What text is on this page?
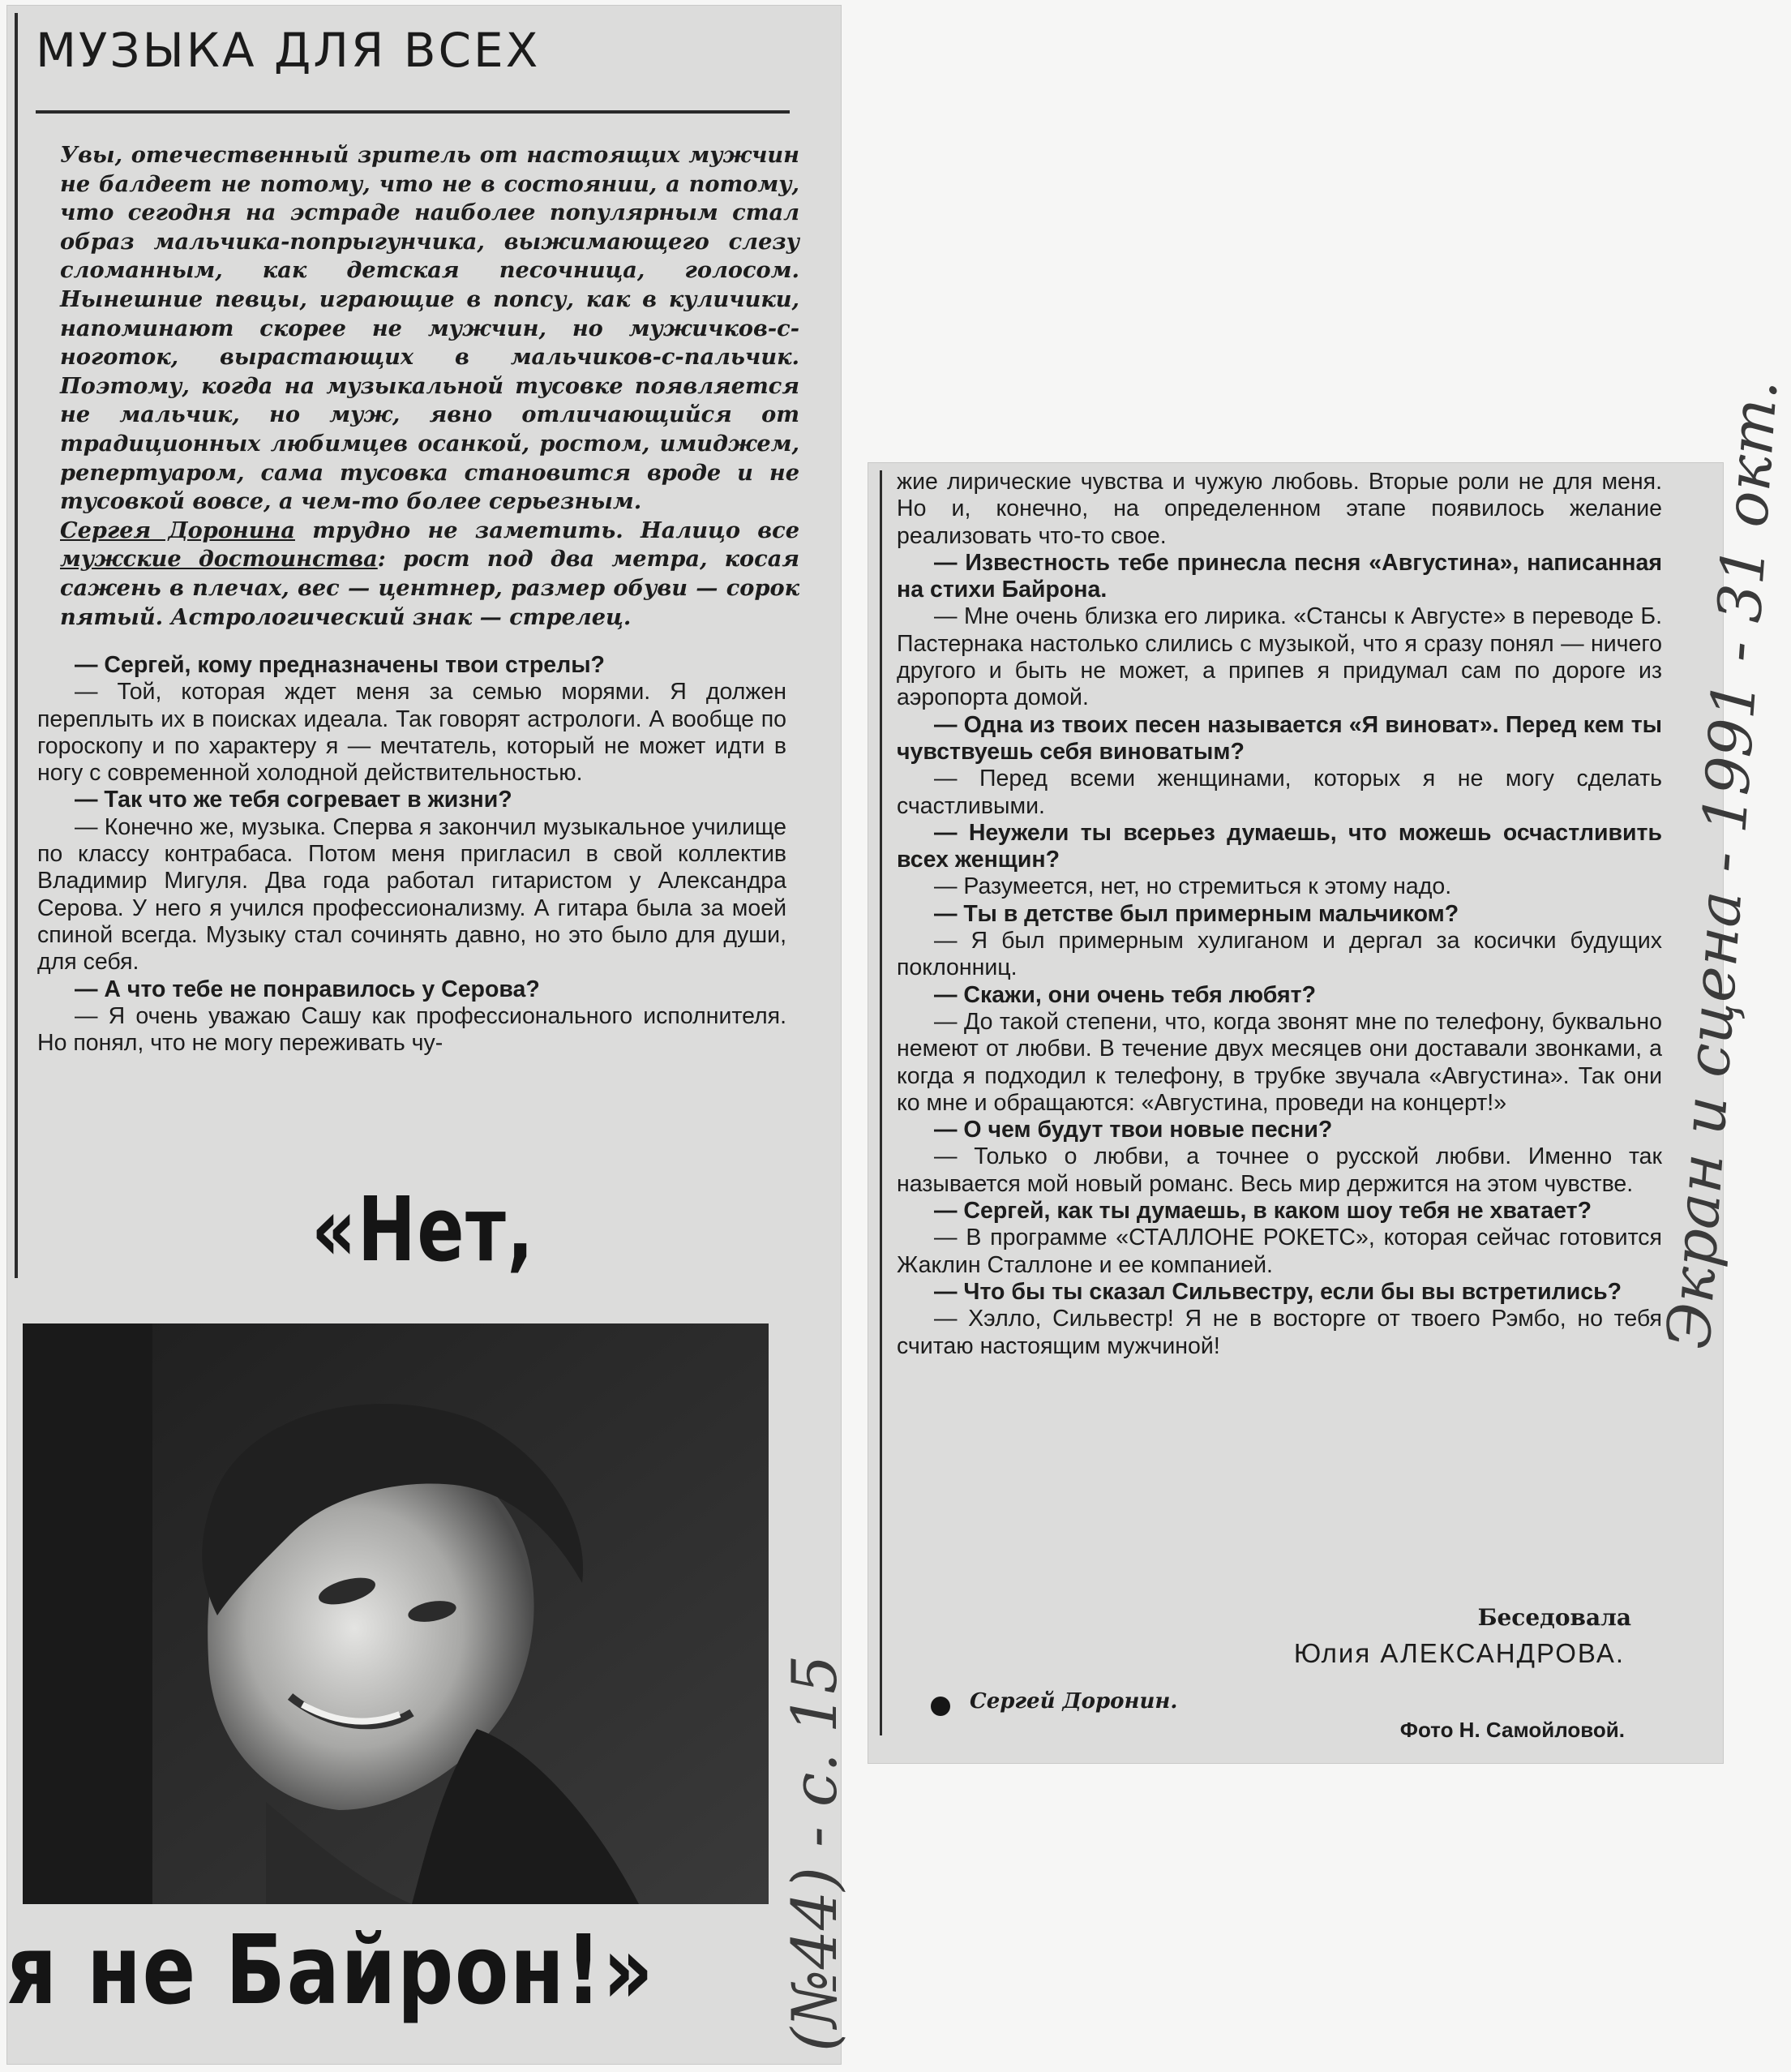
МУЗЫКА ДЛЯ ВСЕХ

Увы, отечественный зритель от настоящих мужчин не балдеет не потому, что не в состоянии, а потому, что сегодня на эстраде наиболее популярным стал образ мальчика-попрыгунчика, выжимающего слезу сломанным, как детская песочница, голосом. Нынешние певцы, играющие в попсу, как в куличики, напоминают скорее не мужчин, но мужичков-с-ноготок, вырастающих в мальчиков-с-пальчик. Поэтому, когда на музыкальной тусовке появляется не мальчик, но муж, явно отличающийся от традиционных любимцев осанкой, ростом, имиджем, репертуаром, сама тусовка становится вроде и не тусовкой вовсе, а чем-то более серьезным.

Сергея Доронина трудно не заметить. Налицо все мужские достоинства: рост под два метра, косая сажень в плечах, вес — центнер, размер обуви — сорок пятый. Астрологический знак — стрелец.

— Сергей, кому предназначены твои стрелы?

— Той, которая ждет меня за семью морями. Я должен переплыть их в поисках идеала. Так говорят астрологи. А вообще по гороскопу и по характеру я — мечтатель, который не может идти в ногу с современной холодной действительностью.

— Так что же тебя согревает в жизни?

— Конечно же, музыка. Сперва я закончил музыкальное училище по классу контрабаса. Потом меня пригласил в свой коллектив Владимир Мигуля. Два года работал гитаристом у Александра Серова. У него я учился профессионализму. А гитара была за моей спиной всегда. Музыку стал сочинять давно, но это было для души, для себя.

— А что тебе не понравилось у Серова?

— Я очень уважаю Сашу как профессионального исполнителя. Но понял, что не могу переживать чу-

«Нет,
я не Байрон!»

жие лирические чувства и чужую любовь. Вторые роли не для меня. Но и, конечно, на определенном этапе появилось желание реализовать что-то свое.

— Известность тебе принесла песня «Августина», написанная на стихи Байрона.

— Мне очень близка его лирика. «Стансы к Августе» в переводе Б. Пастернака настолько слились с музыкой, что я сразу понял — ничего другого и быть не может, а припев я придумал сам по дороге из аэропорта домой.

— Одна из твоих песен называется «Я виноват». Перед кем ты чувствуешь себя виноватым?

— Перед всеми женщинами, которых я не могу сделать счастливыми.

— Неужели ты всерьез думаешь, что можешь осчастливить всех женщин?

— Разумеется, нет, но стремиться к этому надо.

— Ты в детстве был примерным мальчиком?

— Я был примерным хулиганом и дергал за косички будущих поклонниц.

— Скажи, они очень тебя любят?

— До такой степени, что, когда звонят мне по телефону, буквально немеют от любви. В течение двух месяцев они доставали звонками, а когда я подходил к телефону, в трубке звучала «Августина». Так они ко мне и обращаются: «Августина, проведи на концерт!»

— О чем будут твои новые песни?

— Только о любви, а точнее о русской любви. Именно так называется мой новый романс. Весь мир держится на этом чувстве.

— Сергей, как ты думаешь, в каком шоу тебя не хватает?

— В программе «СТАЛЛОНЕ РОКЕТС», которая сейчас готовится Жаклин Сталлоне и ее компанией.

— Что бы ты сказал Сильвестру, если бы вы встретились?

— Хэлло, Сильвестр! Я не в восторге от твоего Рэмбо, но тебя считаю настоящим мужчиной!

Беседовала
Юлия АЛЕКСАНДРОВА.
Сергей Доронин.
Фото Н. Самойловой.
(№44) - с. 15
Экран и сцена - 1991 - 31 окт.
